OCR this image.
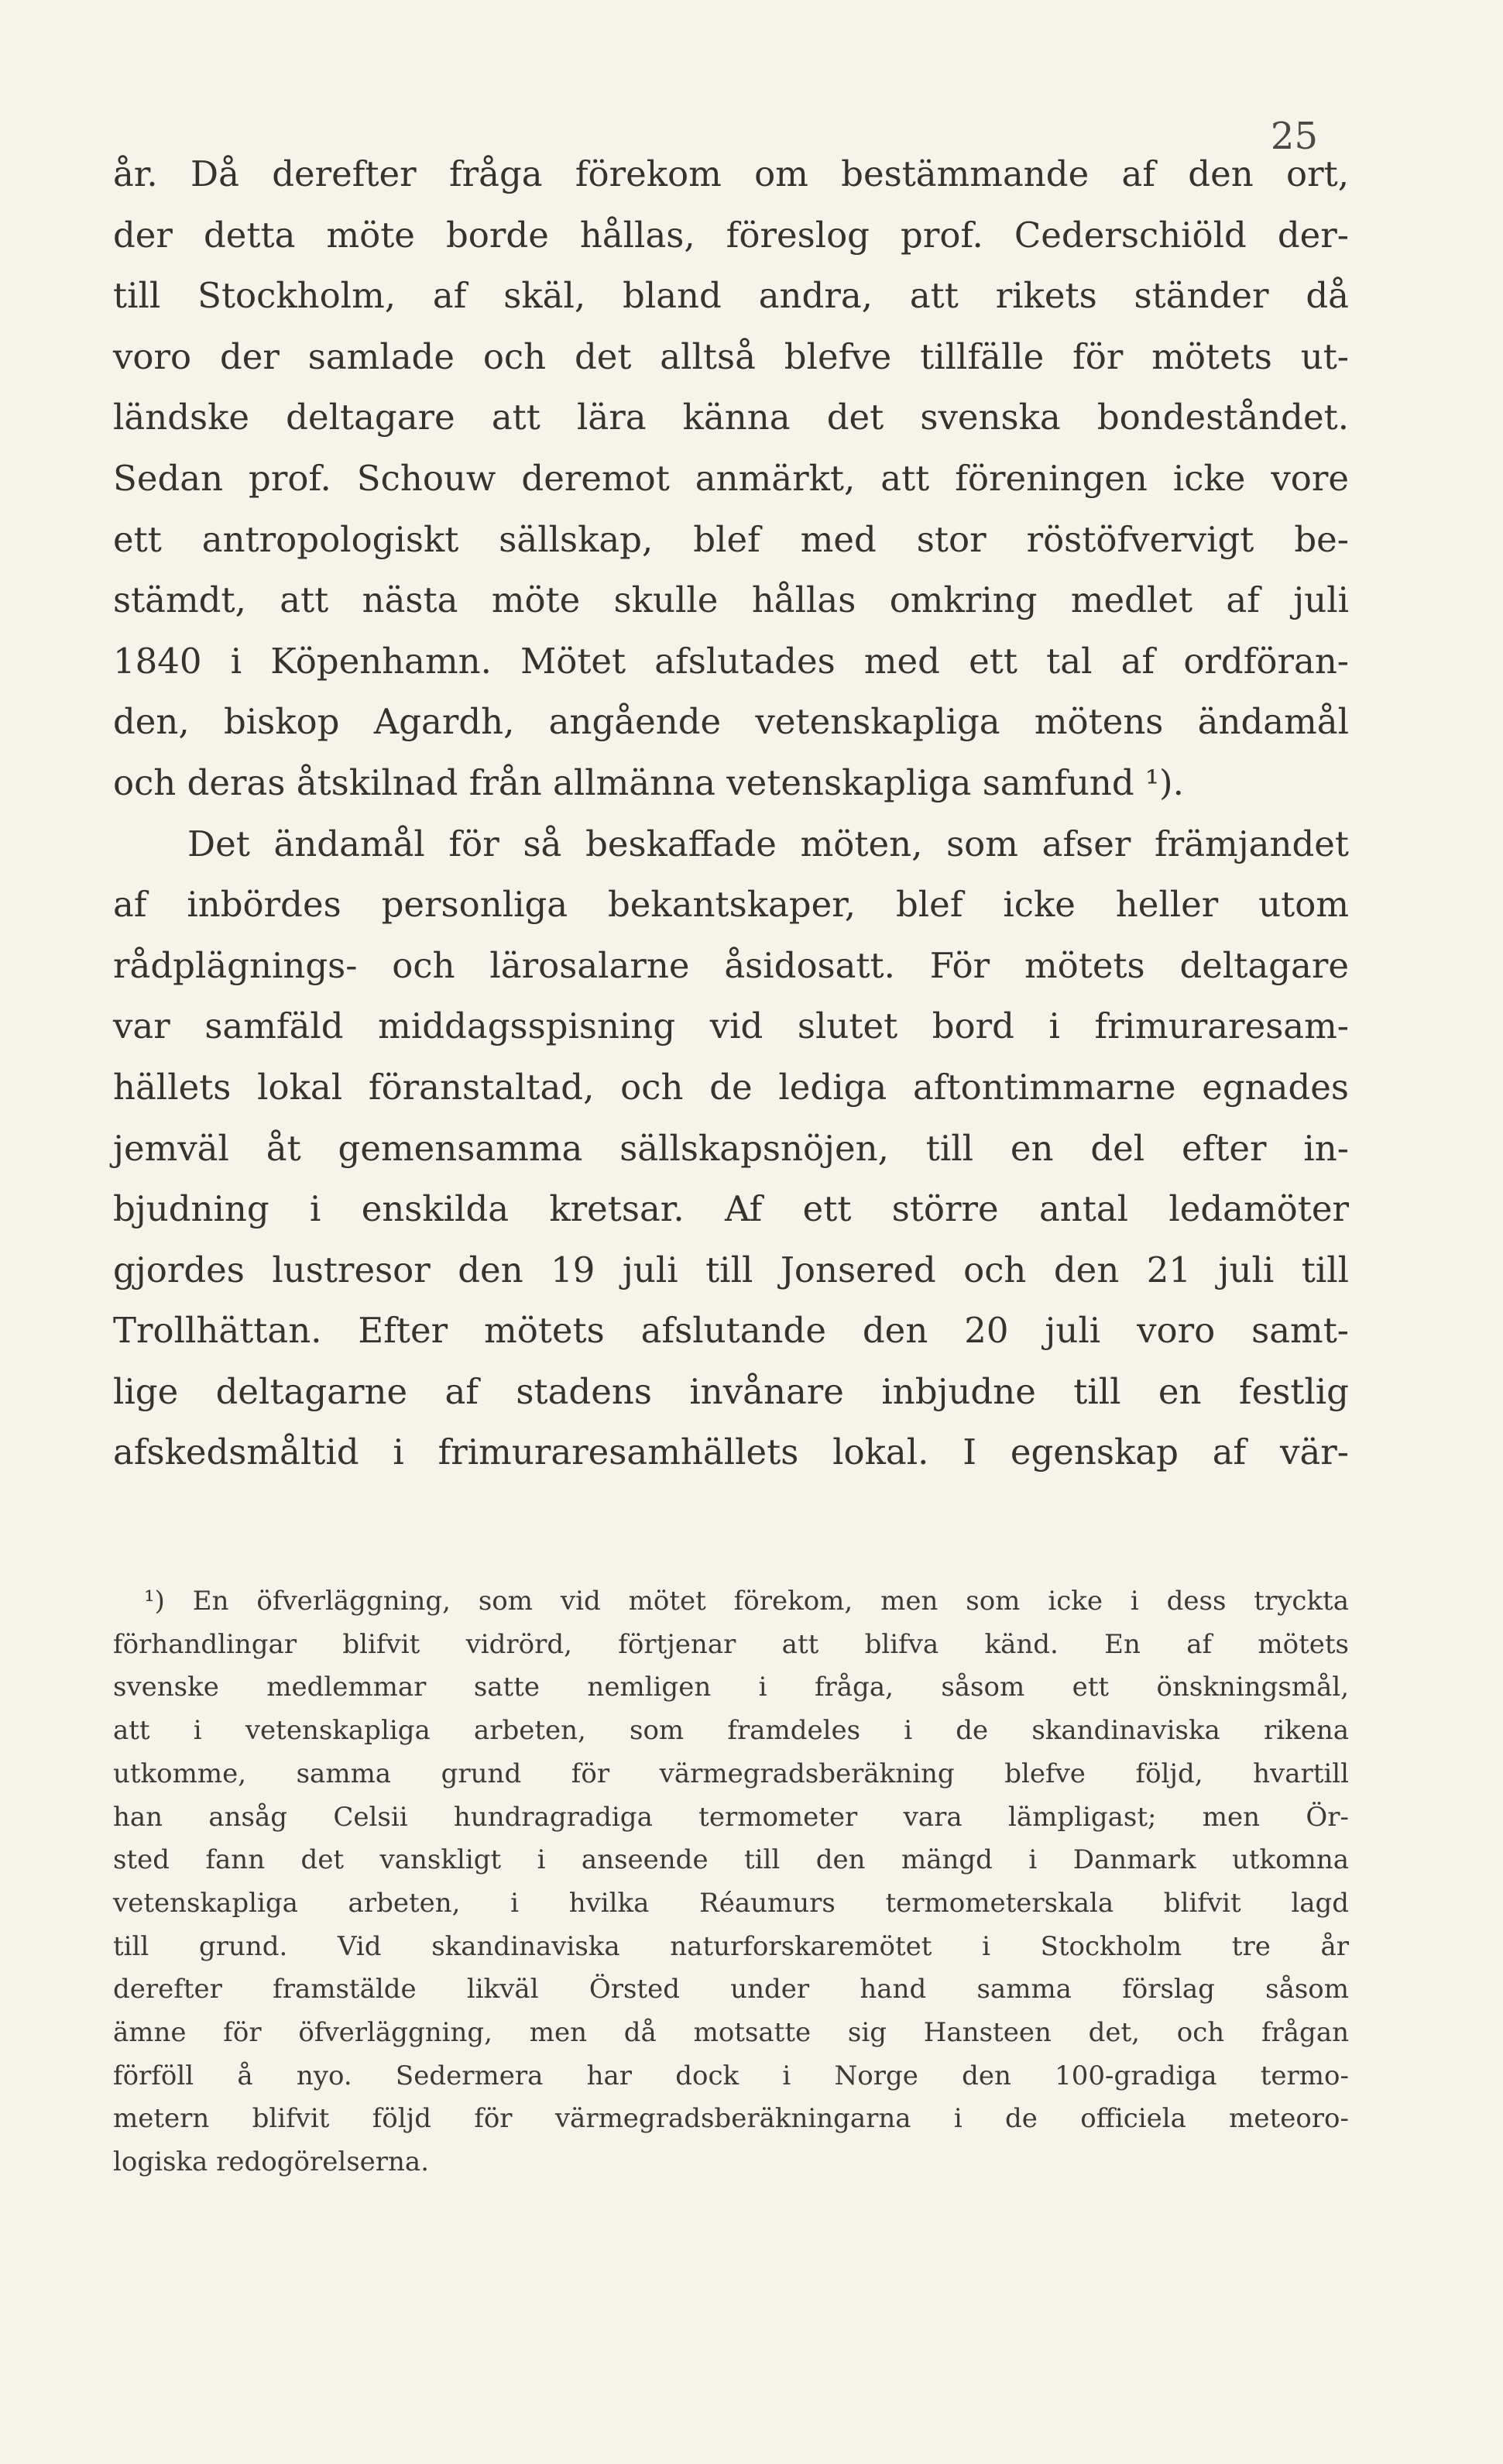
25
år. Då derefter fråga förekom om bestämmande af den ort,
der detta möte borde hållas, föreslog prof. Cederschiöld der-
till Stockholm, af skäl, bland andra, att rikets ständer då
voro der samlade och det alltså blefve tillfälle för mötets ut-
ländske deltagare att lära känna det svenska bondeståndet.
Sedan prof. Schouw deremot anmärkt, att föreningen icke vore
ett antropologiskt sällskap, blef med stor röstöfvervigt be-
stämdt, att nästa möte skulle hållas omkring medlet af juli
1840 i Köpenhamn. Mötet afslutades med ett tal af ordföran-
den, biskop Agardh, angående vetenskapliga mötens ändamål
och deras åtskilnad från allmänna vetenskapliga samfund ¹).
Det ändamål för så beskaffade möten, som afser främjandet
af inbördes personliga bekantskaper, blef icke heller utom
rådplägnings- och lärosalarne åsidosatt. För mötets deltagare
var samfäld middagsspisning vid slutet bord i frimuraresam-
hällets lokal föranstaltad, och de lediga aftontimmarne egnades
jemväl åt gemensamma sällskapsnöjen, till en del efter in-
bjudning i enskilda kretsar. Af ett större antal ledamöter
gjordes lustresor den 19 juli till Jonsered och den 21 juli till
Trollhättan. Efter mötets afslutande den 20 juli voro samt-
lige deltagarne af stadens invånare inbjudne till en festlig
afskedsmåltid i frimuraresamhällets lokal. I egenskap af vär-
¹) En öfverläggning, som vid mötet förekom, men som icke i dess tryckta
förhandlingar blifvit vidrörd, förtjenar att blifva känd. En af mötets
svenske medlemmar satte nemligen i fråga, såsom ett önskningsmål,
att i vetenskapliga arbeten, som framdeles i de skandinaviska rikena
utkomme, samma grund för värmegradsberäkning blefve följd, hvartill
han ansåg Celsii hundragradiga termometer vara lämpligast; men Ör-
sted fann det vanskligt i anseende till den mängd i Danmark utkomna
vetenskapliga arbeten, i hvilka Réaumurs termometerskala blifvit lagd
till grund. Vid skandinaviska naturforskaremötet i Stockholm tre år
derefter framstälde likväl Örsted under hand samma förslag såsom
ämne för öfverläggning, men då motsatte sig Hansteen det, och frågan
förföll å nyo. Sedermera har dock i Norge den 100-gradiga termo-
metern blifvit följd för värmegradsberäkningarna i de officiela meteoro-
logiska redogörelserna.
